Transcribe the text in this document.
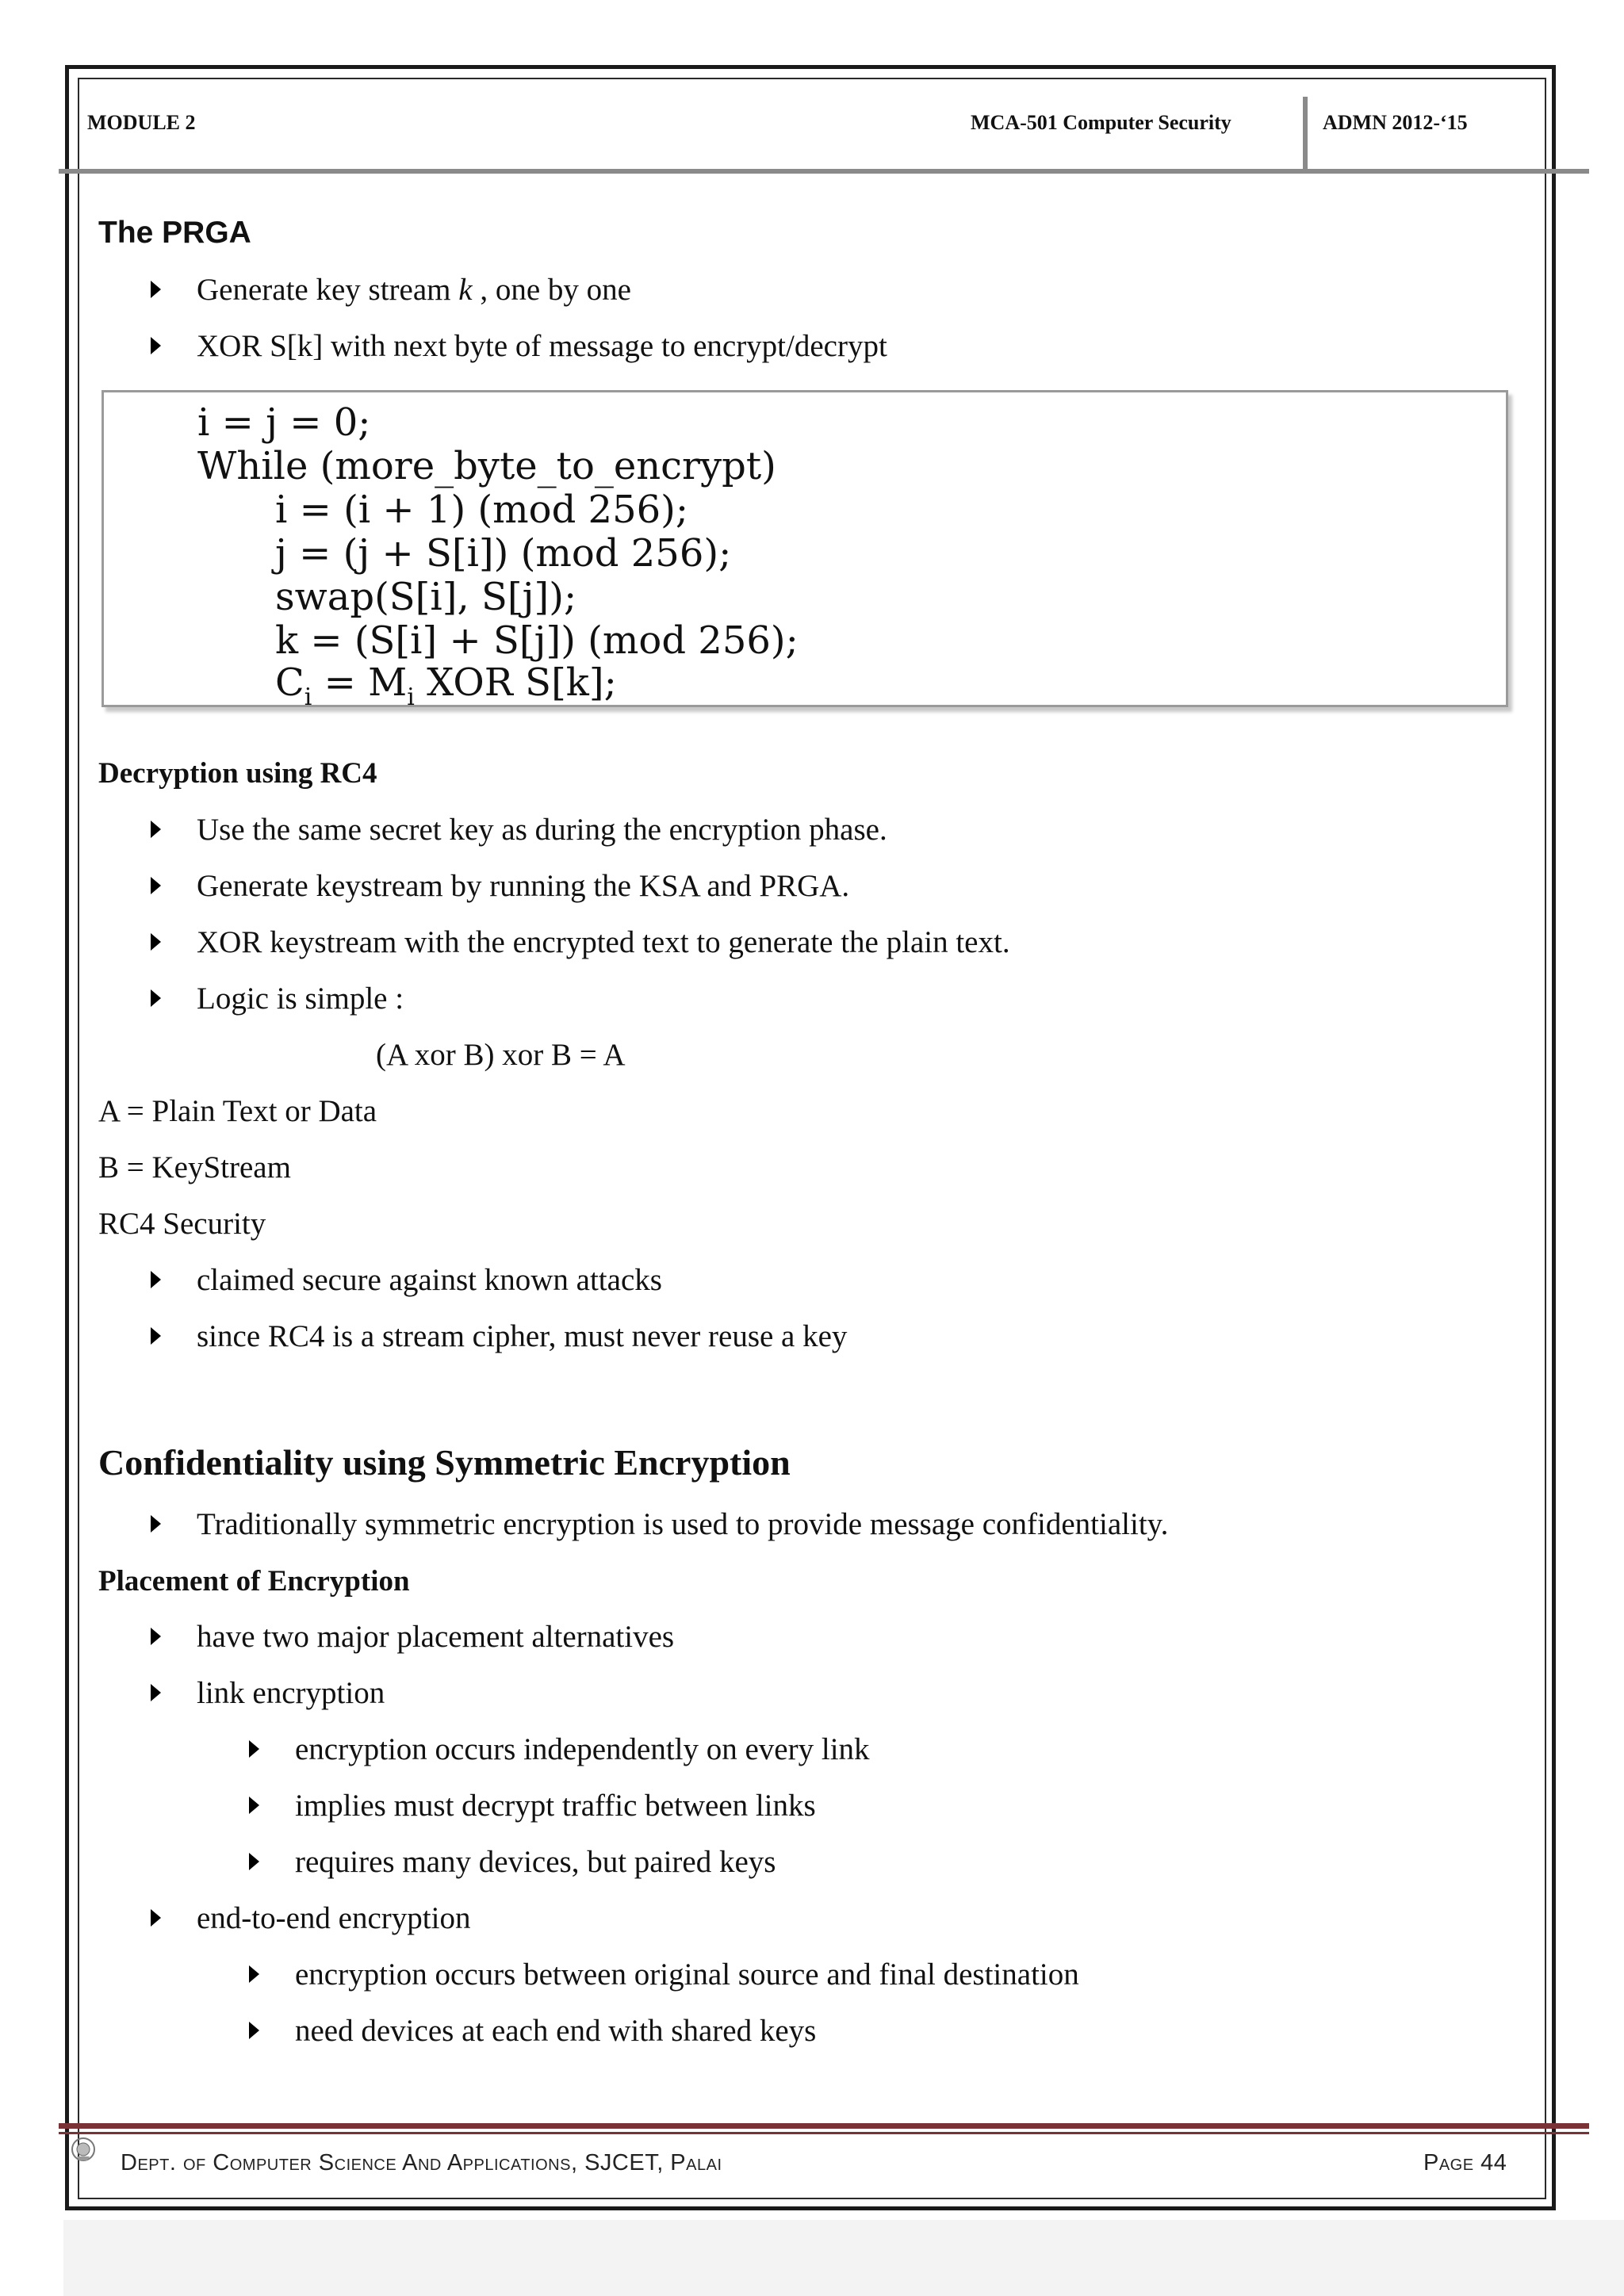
MODULE 2	MCA-501 Computer Security	ADMN 2012-‘15
The PRGA
Generate key stream k , one by one
XOR S[k] with next byte of message to encrypt/decrypt
i = j = 0;
While (more_byte_to_encrypt)
i = (i + 1) (mod 256);
j = (j + S[i]) (mod 256);
swap(S[i], S[j]);
k = (S[i] + S[j]) (mod 256);
$C_i = M_i$ XOR S[k];
Decryption using RC4
Use the same secret key as during the encryption phase.
Generate keystream by running the KSA and PRGA.
XOR keystream with the encrypted text to generate the plain text.
Logic is simple :
(A xor B) xor B = A
A = Plain Text or Data
B = KeyStream
RC4 Security
claimed secure against known attacks
since RC4 is a stream cipher, must never reuse a key
Confidentiality using Symmetric Encryption
Traditionally symmetric encryption is used to provide message confidentiality.
Placement of Encryption
have two major placement alternatives
link encryption
encryption occurs independently on every link
implies must decrypt traffic between links
requires many devices, but paired keys
end-to-end encryption
encryption occurs between original source and final destination
need devices at each end with shared keys
Dept. of Computer Science And Applications, SJCET, Palai	Page 44
